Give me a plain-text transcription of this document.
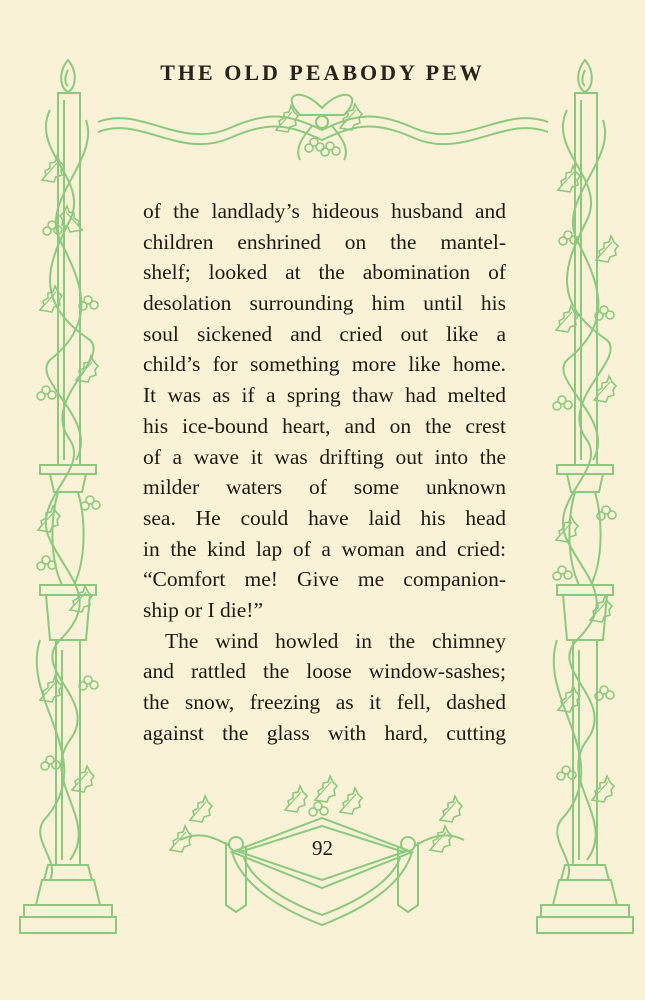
THE OLD PEABODY PEW
of the landlady’s hideous husband and
children enshrined on the mantel-
shelf; looked at the abomination of
desolation surrounding him until his
soul sickened and cried out like a
child’s for something more like home.
It was as if a spring thaw had melted
his ice-bound heart, and on the crest
of a wave it was drifting out into the
milder waters of some unknown
sea. He could have laid his head
in the kind lap of a woman and cried:
“Comfort me! Give me companion-
ship or I die!”
The wind howled in the chimney
and rattled the loose window-sashes;
the snow, freezing as it fell, dashed
against the glass with hard, cutting
92
